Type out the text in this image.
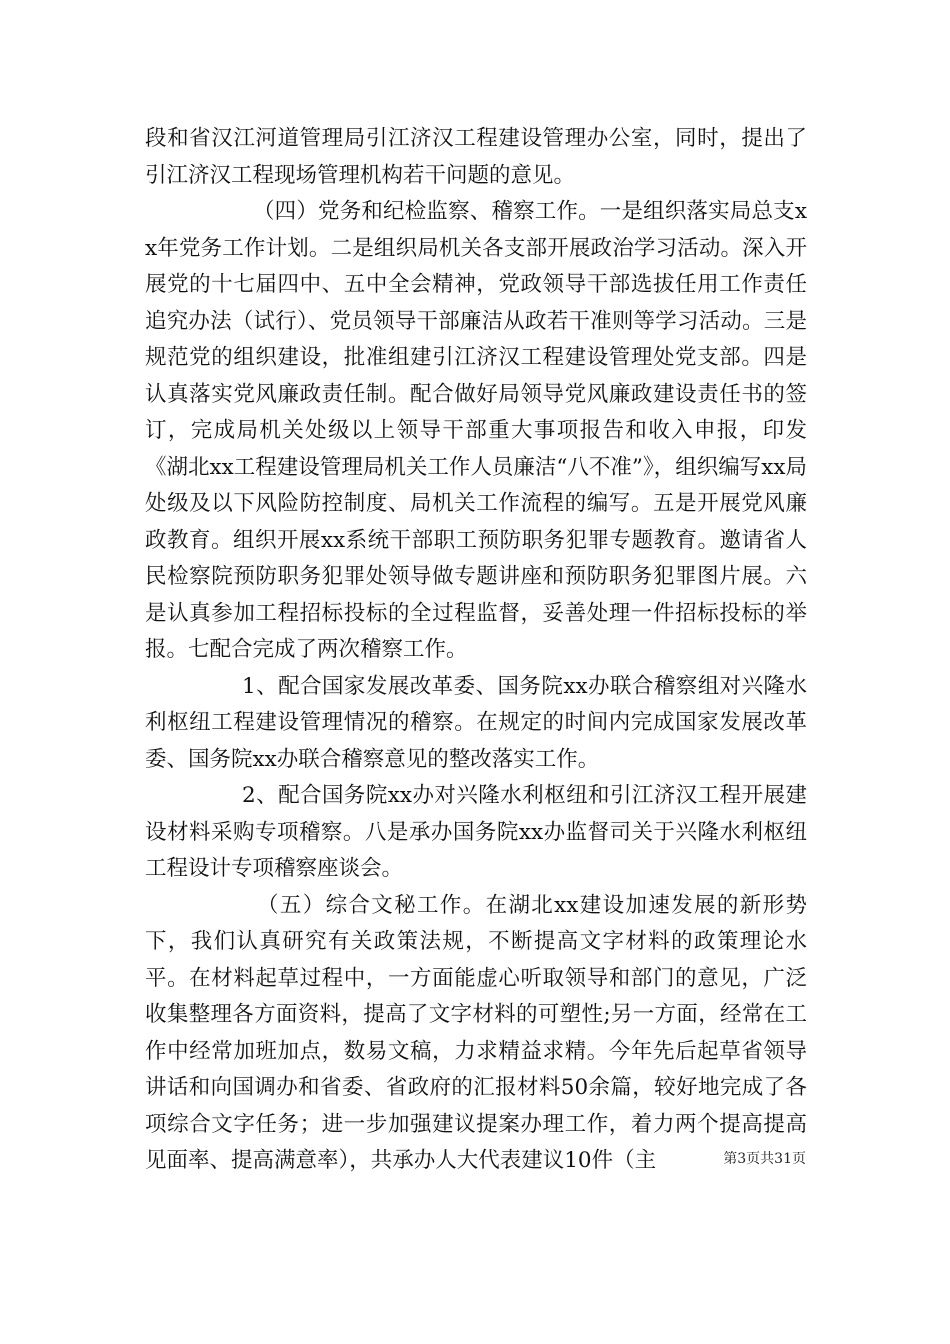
段和省汉江河道管理局引江济汉工程建设管理办公室，同时，提出了引江济汉工程现场管理机构若干问题的意见。

（四）党务和纪检监察、稽察工作。一是组织落实局总支xx年党务工作计划。二是组织局机关各支部开展政治学习活动。深入开展党的十七届四中、五中全会精神，党政领导干部选拔任用工作责任追究办法（试行）、党员领导干部廉洁从政若干准则等学习活动。三是规范党的组织建设，批准组建引江济汉工程建设管理处党支部。四是认真落实党风廉政责任制。配合做好局领导党风廉政建设责任书的签订，完成局机关处级以上领导干部重大事项报告和收入申报，印发《湖北xx工程建设管理局机关工作人员廉洁“八不准”》，组织编写xx局处级及以下风险防控制度、局机关工作流程的编写。五是开展党风廉政教育。组织开展xx系统干部职工预防职务犯罪专题教育。邀请省人民检察院预防职务犯罪处领导做专题讲座和预防职务犯罪图片展。六是认真参加工程招标投标的全过程监督，妥善处理一件招标投标的举报。七配合完成了两次稽察工作。

1、配合国家发展改革委、国务院xx办联合稽察组对兴隆水利枢纽工程建设管理情况的稽察。在规定的时间内完成国家发展改革委、国务院xx办联合稽察意见的整改落实工作。

2、配合国务院xx办对兴隆水利枢纽和引江济汉工程开展建设材料采购专项稽察。八是承办国务院xx办监督司关于兴隆水利枢纽工程设计专项稽察座谈会。

（五）综合文秘工作。在湖北xx建设加速发展的新形势下，我们认真研究有关政策法规，不断提高文字材料的政策理论水平。在材料起草过程中，一方面能虚心听取领导和部门的意见，广泛收集整理各方面资料，提高了文字材料的可塑性;另一方面，经常在工作中经常加班加点，数易文稿，力求精益求精。今年先后起草省领导讲话和向国调办和省委、省政府的汇报材料50余篇，较好地完成了各项综合文字任务；进一步加强建议提案办理工作，着力两个提高提高见面率、提高满意率），共承办人大代表建议10件（主	第3页共31页
